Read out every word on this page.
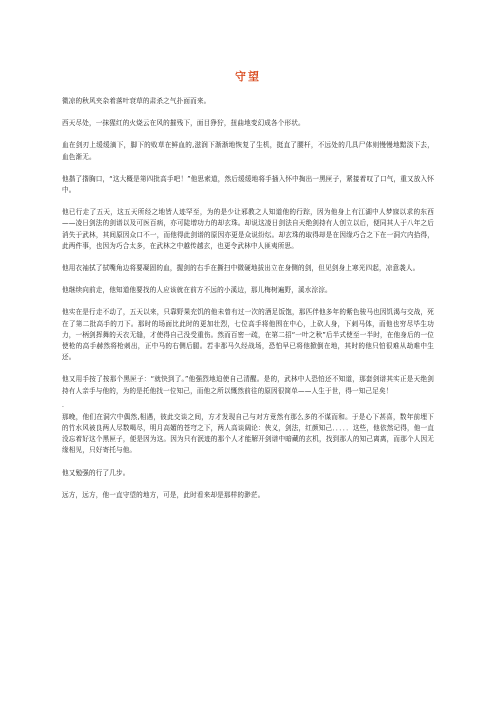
守望

微凉的秋风夹杂着落叶衰草的肃杀之气扑面而来。

西天尽处，一抹猩红的火烧云在风的摧残下，面目狰狞，扭曲地变幻成各个形状。

血在剑刃上缓缓滴下，脚下的败草在鲜血的,滋润下渐渐地恢复了生机，挺直了腰杆，不远处的几具尸体则慢慢地黯淡下去，血色渐无。

他揩了揩胸口，“这大概是第四批高手吧！”他思索道，然后缓缓地将手插入怀中掏出一黑匣子，紧接着叹了口气，重又放入怀中。

他已行走了五天，这五天所经之地皆人迹罕至，为的是少让邪教之人知道他的行踪，因为他身上有江湖中人梦寐以求的东西——凌日剑法的剑谱以及可医百病，亦可陡增功力的却玄珠。却说这凌日剑法自天绝剑持有人创立以后，便同其人于八年之后消失于武林，其间原因众口不一，而他得此剑谱的原因亦更是众说纷纭。却玄珠的取得却是在因缘巧合之下在一洞穴内拾得，此两件事，也因为巧合太多，在武林之中越传越玄，也更令武林中人匪夷所思。

他用衣袖拭了拭嘴角边将要凝固的血，握剑的右手在撕扫中微硬地拔出立在身侧的剑，但见剑身上寒光四起，凉意袭人。

他继续向前走，他知道他要找的人应该就在前方不远的小溪边，那儿梅树遍野，溪水淙淙。

他实在是行走不动了，五天以来，只靠野果充饥的他未曾有过一次的酒足饭饱，那匹伴他多年的紫色骏马也因饥渴与交战，死在了第二批高手的刀下。那时的场面比此时的更加壮烈，七位高手将他围在中心，上砍人身，下刺马体，而他也穷尽毕生功力，一柄剑挥舞的天衣无缝，才使得自己没受重伤。然而百密一疏，在第二招“一叶之秋”后半式使至一半时，在他身后的一位使枪的高手赫然将枪刺出，正中马的右侧后腿。若非那马久经战场，恐怕早已将他掀倒在地，其时的他只怕很难从劫难中生还。

他又用手按了按那个黑匣子：“就快到了。”他强烈地迫使自己清醒。是的，武林中人恐怕还不知道，那套剑谱其实正是天绝剑持有人亲手与他的，为的是托他找一位知己，而他之所以慨然前往的原因很简单——人生于世，得一知己足矣！

.

那晚，他们在洞穴中偶然,相遇，彼此交谈之间，方才发现自己与对方竟然有那么多的不谋而和。于是心下甚喜，数年前埋下的竹水风被良两人尽数喝尽，明月高媚的苍穹之下，两人高谈阔论：侠义，剑法，红颜知己．．．．．这些，他依然记得，他一直没忘着好这个黑匣子，便是因为这。因为只有泯迹的那个人才能解开剑谱中暗藏的玄机，找到那人的知己离离，而那个人因无缘相见，只好寄托与他。

他又勉强的行了几步。

远方，远方，他一直守望的地方，可是，此时看来却是那样的渺茫。
